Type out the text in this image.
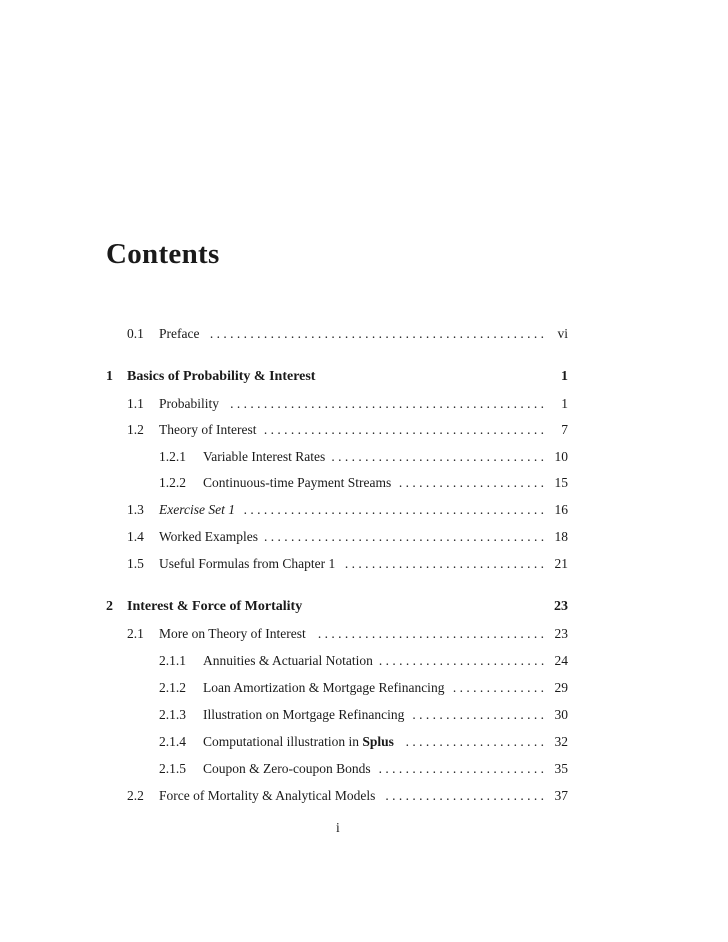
Contents
0.1	Preface . . . . . . . . . . . . . . . . . . . . . . . . . . . . . . . . . . . . . . . . . . . . . . . . . . vi
1	Basics of Probability & Interest	1
1.1	Probability . . . . . . . . . . . . . . . . . . . . . . . . . . . . . . . . . . . . . . . . . . . . . . .	1
1.2	Theory of Interest . . . . . . . . . . . . . . . . . . . . . . . . . . . . . . . . . . . . . . . . . .	7
1.2.1	Variable Interest Rates . . . . . . . . . . . . . . . . . . . . . . . . . . . . . . . . 10
1.2.2	Continuous-time Payment Streams . . . . . . . . . . . . . . . . . . . . . . 15
1.3	Exercise Set 1 . . . . . . . . . . . . . . . . . . . . . . . . . . . . . . . . . . . . . . . . . . . . . 16
1.4	Worked Examples . . . . . . . . . . . . . . . . . . . . . . . . . . . . . . . . . . . . . . . . . . 18
1.5	Useful Formulas from Chapter 1 . . . . . . . . . . . . . . . . . . . . . . . . . . . . . . 21
2	Interest & Force of Mortality	23
2.1	More on Theory of Interest . . . . . . . . . . . . . . . . . . . . . . . . . . . . . . . . . . 23
2.1.1	Annuities & Actuarial Notation . . . . . . . . . . . . . . . . . . . . . . . . . 24
2.1.2	Loan Amortization & Mortgage Refinancing . . . . . . . . . . . . . . 29
2.1.3	Illustration on Mortgage Refinancing . . . . . . . . . . . . . . . . . . . . 30
2.1.4	Computational illustration in Splus . . . . . . . . . . . . . . . . . . . . . 32
2.1.5	Coupon & Zero-coupon Bonds . . . . . . . . . . . . . . . . . . . . . . . . . 35
2.2	Force of Mortality & Analytical Models . . . . . . . . . . . . . . . . . . . . . . . . 37
i
